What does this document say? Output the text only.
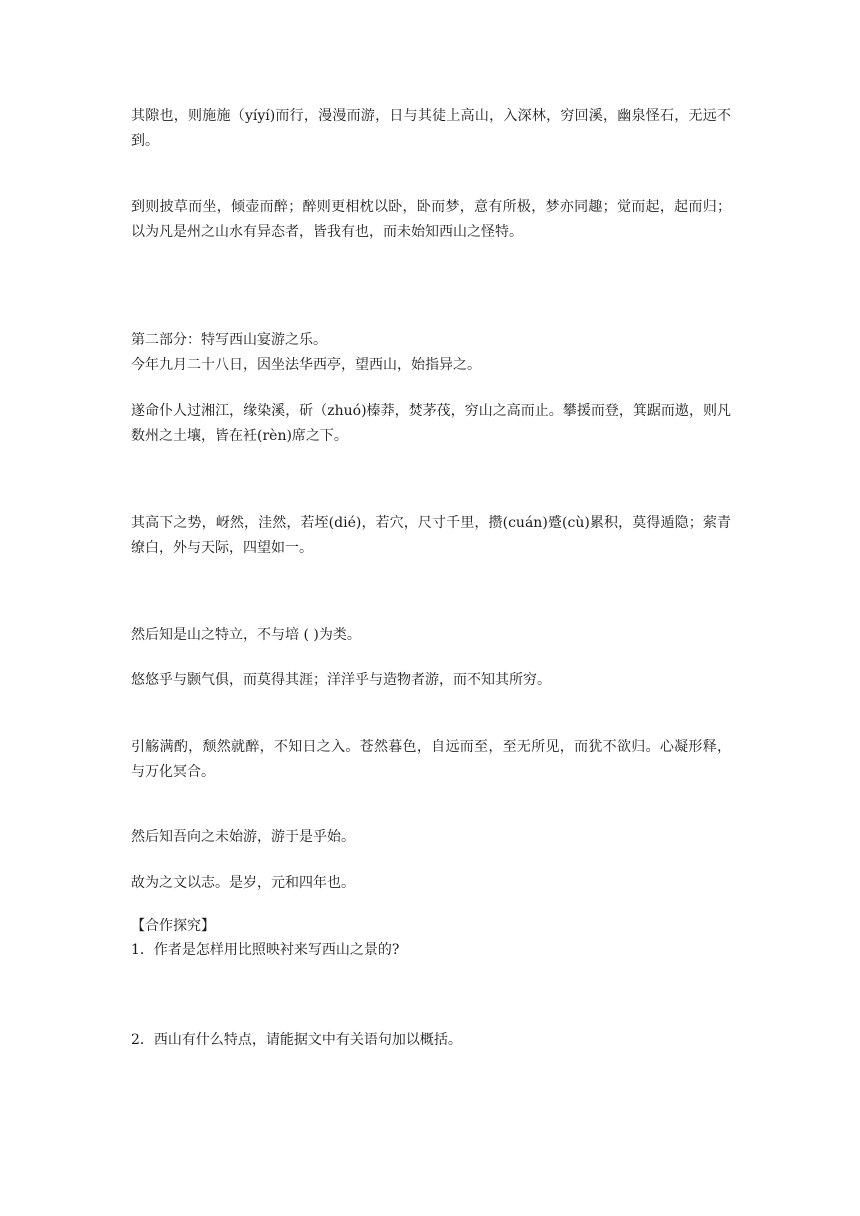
其隙也，则施施（yíyí)而行，漫漫而游，日与其徒上高山，入深林，穷回溪，幽泉怪石，无远不到。

到则披草而坐，倾壶而醉；醉则更相枕以卧，卧而梦，意有所极，梦亦同趣；觉而起，起而归；以为凡是州之山水有异态者，皆我有也，而未始知西山之怪特。

第二部分：特写西山宴游之乐。

今年九月二十八日，因坐法华西亭，望西山，始指异之。

遂命仆人过湘江，缘染溪，斫（zhuó)榛莽，焚茅茷，穷山之高而止。攀援而登，箕踞而遨，则凡数州之土壤，皆在衽(rèn)席之下。

其高下之势，岈然，洼然，若垤(dié)，若穴，尺寸千里，攒(cuán)蹙(cù)累积，莫得遁隐；萦青缭白，外与天际，四望如一。

然后知是山之特立，不与培 ( )为类。

悠悠乎与颢气俱，而莫得其涯；洋洋乎与造物者游，而不知其所穷。

引觞满酌，颓然就醉，不知日之入。苍然暮色，自远而至，至无所见，而犹不欲归。心凝形释，与万化冥合。

然后知吾向之未始游，游于是乎始。

故为之文以志。是岁，元和四年也。

【合作探究】

1．作者是怎样用比照映衬来写西山之景的?

2．西山有什么特点，请能据文中有关语句加以概括。
